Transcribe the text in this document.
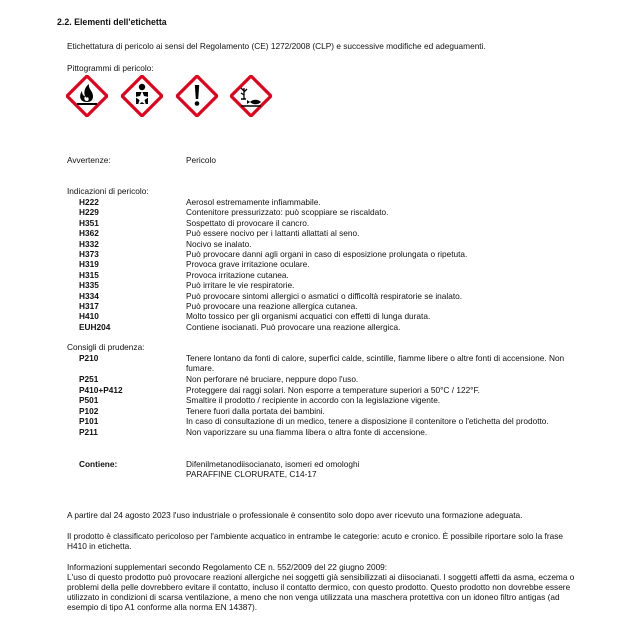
2.2. Elementi dell'etichetta
Etichettatura di pericolo ai sensi del Regolamento (CE) 1272/2008 (CLP) e successive modifiche ed adeguamenti.
Pittogrammi di pericolo:
Avvertenze:	Pericolo
Indicazioni di pericolo:
H222	Aerosol estremamente infiammabile.
H229	Contenitore pressurizzato: può scoppiare se riscaldato.
H351	Sospettato di provocare il cancro.
H362	Può essere nocivo per i lattanti allattati al seno.
H332	Nocivo se inalato.
H373	Può provocare danni agli organi in caso di esposizione prolungata o ripetuta.
H319	Provoca grave irritazione oculare.
H315	Provoca irritazione cutanea.
H335	Può irritare le vie respiratorie.
H334	Può provocare sintomi allergici o asmatici o difficoltà respiratorie se inalato.
H317	Può provocare una reazione allergica cutanea.
H410	Molto tossico per gli organismi acquatici con effetti di lunga durata.
EUH204	Contiene isocianati. Può provocare una reazione allergica.
Consigli di prudenza:
P210	Tenere lontano da fonti di calore, superfici calde, scintille, fiamme libere o altre fonti di accensione. Non fumare.
P251	Non perforare né bruciare, neppure dopo l'uso.
P410+P412	Proteggere dai raggi solari. Non esporre a temperature superiori a 50°C / 122°F.
P501	Smaltire il prodotto / recipiente in accordo con la legislazione vigente.
P102	Tenere fuori dalla portata dei bambini.
P101	In caso di consultazione di un medico, tenere a disposizione il contenitore o l'etichetta del prodotto.
P211	Non vaporizzare su una fiamma libera o altra fonte di accensione.
Contiene:	Difenilmetanodiisocianato, isomeri ed omologhi
PARAFFINE CLORURATE, C14-17
A partire dal 24 agosto 2023 l'uso industriale o professionale è consentito solo dopo aver ricevuto una formazione adeguata.
Il prodotto è classificato pericoloso per l'ambiente acquatico in entrambe le categorie: acuto e cronico. È possibile riportare solo la frase H410 in etichetta.
Informazioni supplementari secondo Regolamento CE n. 552/2009 del 22 giugno 2009:
L'uso di questo prodotto può provocare reazioni allergiche nei soggetti già sensibilizzati ai diisocianati. I soggetti affetti da asma, eczema o problemi della pelle dovrebbero evitare il contatto, incluso il contatto dermico, con questo prodotto. Questo prodotto non dovrebbe essere utilizzato in condizioni di scarsa ventilazione, a meno che non venga utilizzata una maschera protettiva con un idoneo filtro antigas (ad esempio di tipo A1 conforme alla norma EN 14387).
